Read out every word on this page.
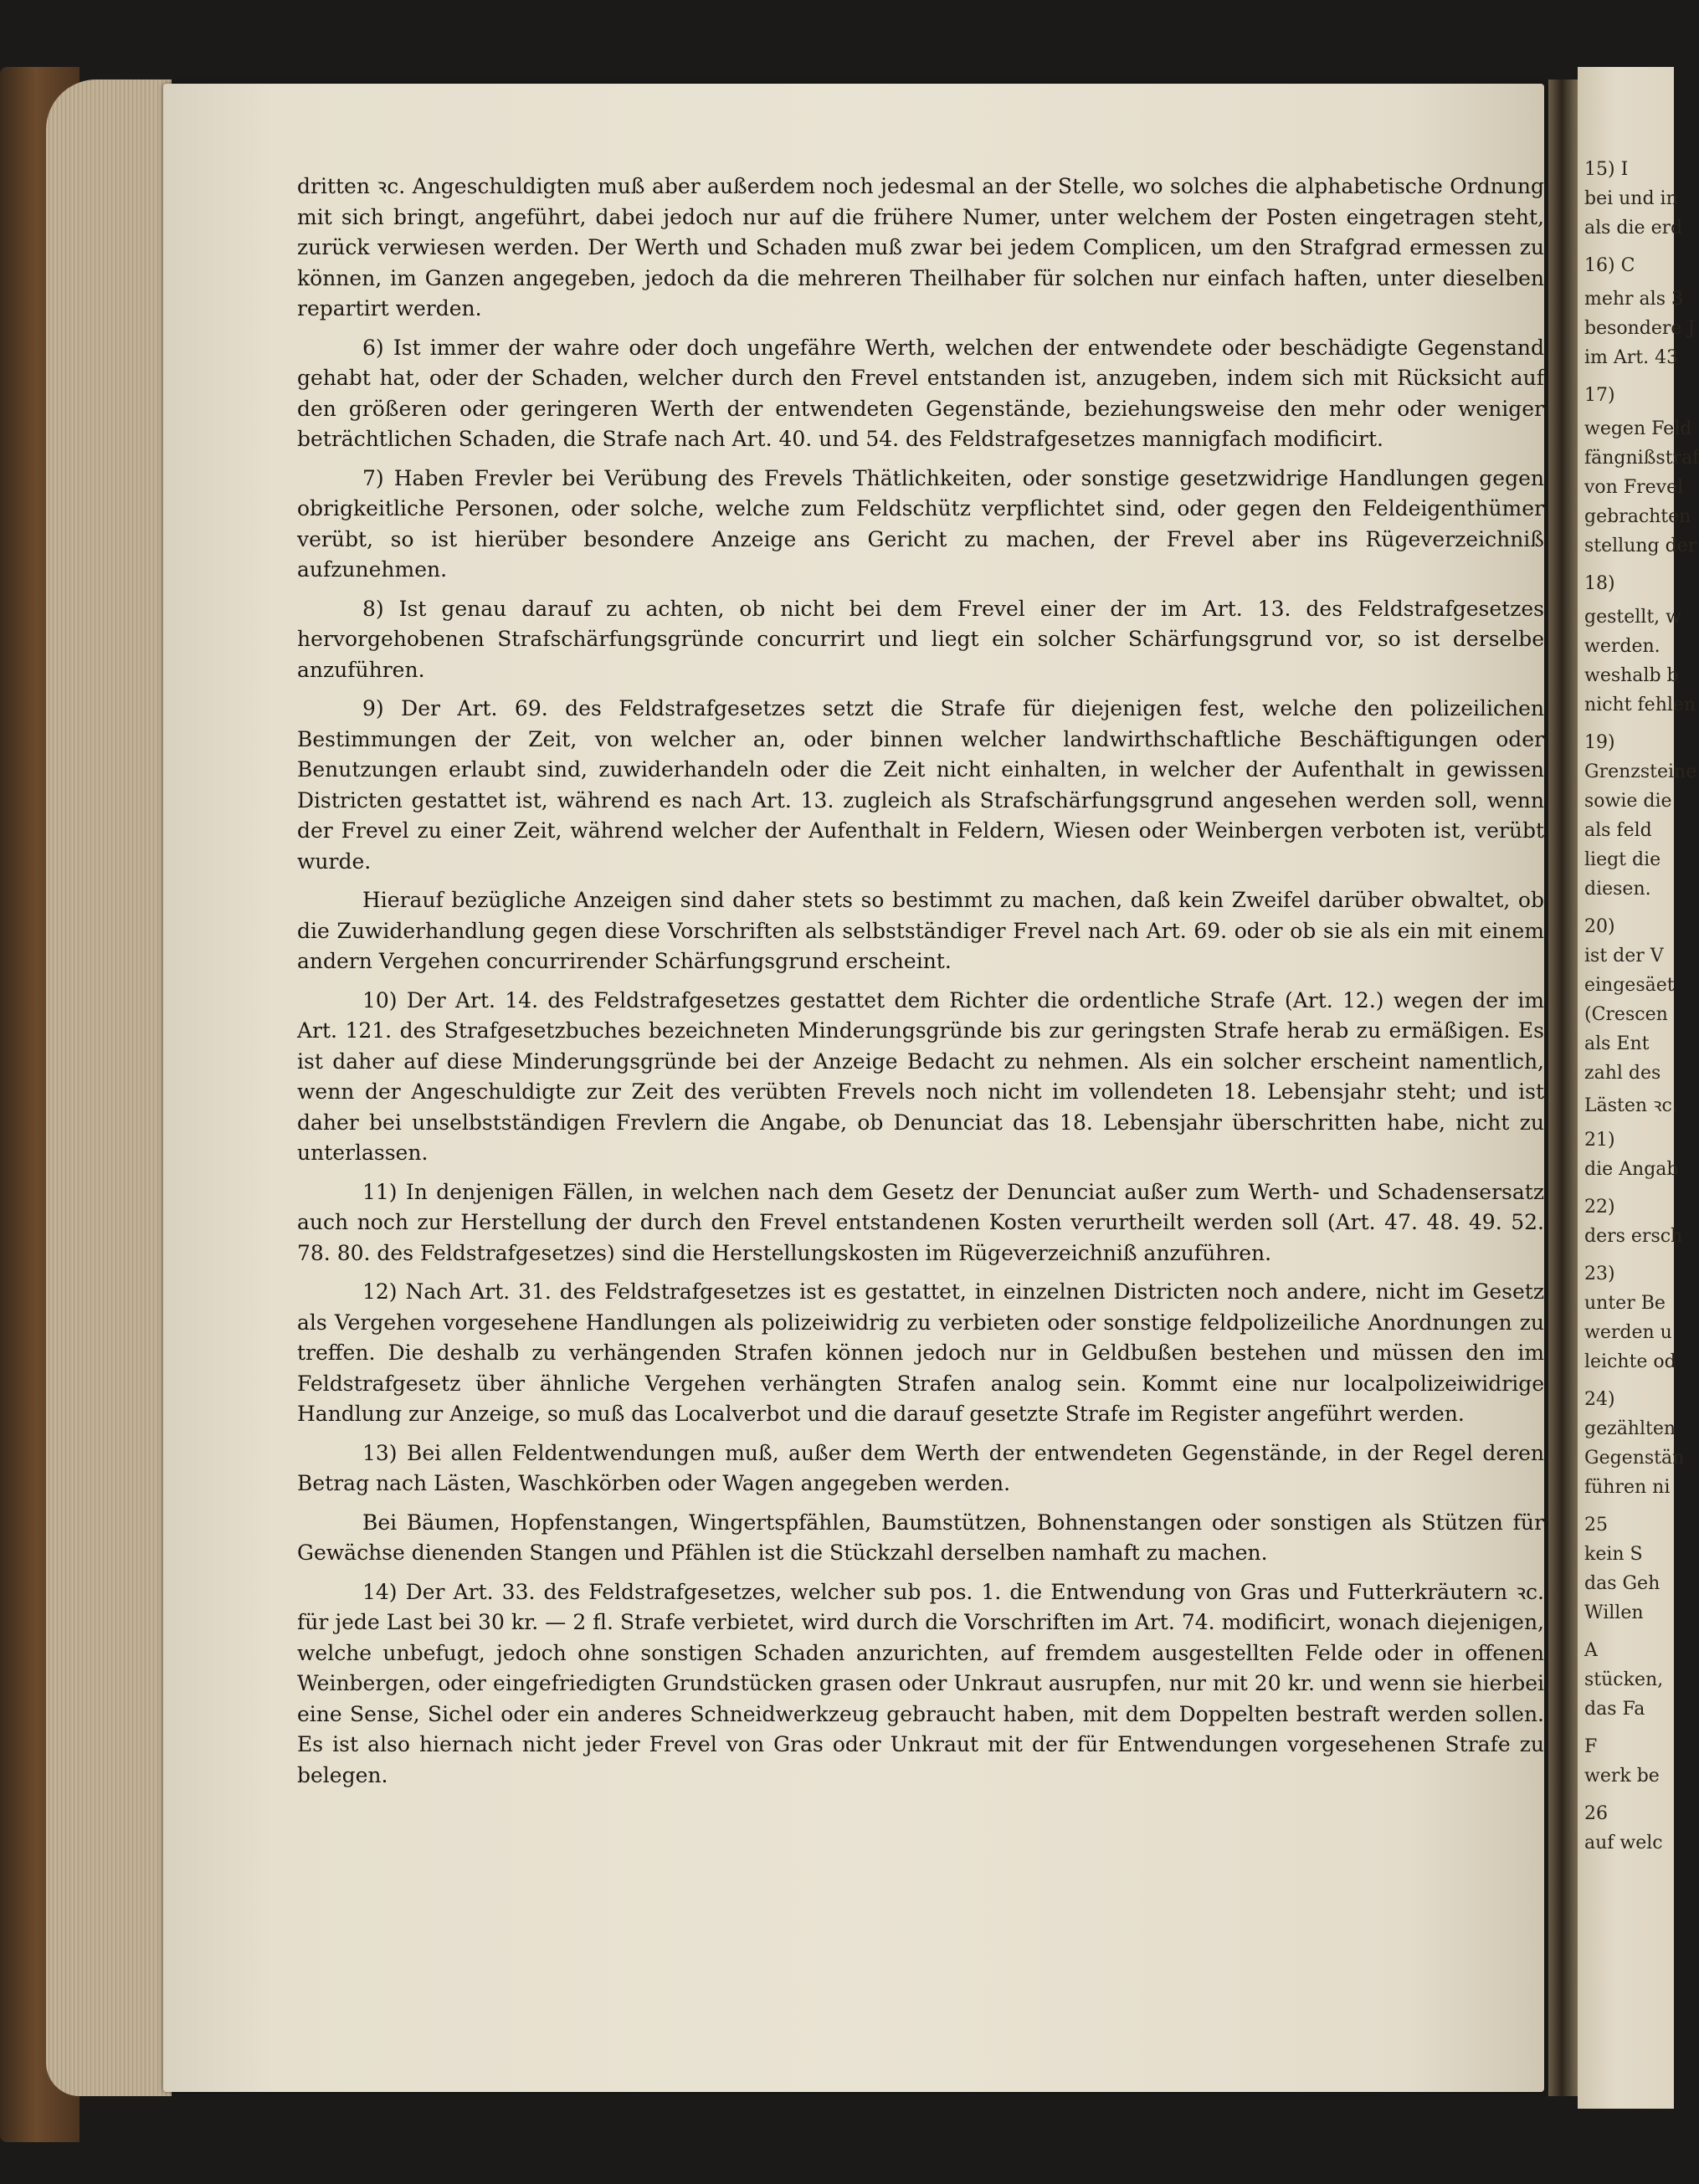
dritten ꝛc. Angeschuldigten muß aber außerdem noch jedesmal an der Stelle, wo solches die alphabetische Ordnung mit sich bringt, angeführt, dabei jedoch nur auf die frühere Numer, unter welchem der Posten eingetragen steht, zurück verwiesen werden. Der Werth und Schaden muß zwar bei jedem Complicen, um den Strafgrad ermessen zu können, im Ganzen angegeben, jedoch da die mehreren Theilhaber für solchen nur einfach haften, unter dieselben repartirt werden.

6) Ist immer der wahre oder doch ungefähre Werth, welchen der entwendete oder beschädigte Gegenstand gehabt hat, oder der Schaden, welcher durch den Frevel entstanden ist, anzugeben, indem sich mit Rücksicht auf den größeren oder geringeren Werth der entwendeten Gegenstände, beziehungsweise den mehr oder weniger beträchtlichen Schaden, die Strafe nach Art. 40. und 54. des Feldstrafgesetzes mannigfach modificirt.

7) Haben Frevler bei Verübung des Frevels Thätlichkeiten, oder sonstige gesetzwidrige Handlungen gegen obrigkeitliche Personen, oder solche, welche zum Feldschütz verpflichtet sind, oder gegen den Feldeigenthümer verübt, so ist hierüber besondere Anzeige ans Gericht zu machen, der Frevel aber ins Rügeverzeichniß aufzunehmen.

8) Ist genau darauf zu achten, ob nicht bei dem Frevel einer der im Art. 13. des Feldstrafgesetzes hervorgehobenen Strafschärfungsgründe concurrirt und liegt ein solcher Schärfungsgrund vor, so ist derselbe anzuführen.

9) Der Art. 69. des Feldstrafgesetzes setzt die Strafe für diejenigen fest, welche den polizeilichen Bestimmungen der Zeit, von welcher an, oder binnen welcher landwirthschaftliche Beschäftigungen oder Benutzungen erlaubt sind, zuwiderhandeln oder die Zeit nicht einhalten, in welcher der Aufenthalt in gewissen Districten gestattet ist, während es nach Art. 13. zugleich als Strafschärfungsgrund angesehen werden soll, wenn der Frevel zu einer Zeit, während welcher der Aufenthalt in Feldern, Wiesen oder Weinbergen verboten ist, verübt wurde.

Hierauf bezügliche Anzeigen sind daher stets so bestimmt zu machen, daß kein Zweifel darüber obwaltet, ob die Zuwiderhandlung gegen diese Vorschriften als selbstständiger Frevel nach Art. 69. oder ob sie als ein mit einem andern Vergehen concurrirender Schärfungsgrund erscheint.

10) Der Art. 14. des Feldstrafgesetzes gestattet dem Richter die ordentliche Strafe (Art. 12.) wegen der im Art. 121. des Strafgesetzbuches bezeichneten Minderungsgründe bis zur geringsten Strafe herab zu ermäßigen. Es ist daher auf diese Minderungsgründe bei der Anzeige Bedacht zu nehmen. Als ein solcher erscheint namentlich, wenn der Angeschuldigte zur Zeit des verübten Frevels noch nicht im vollendeten 18. Lebensjahr steht; und ist daher bei unselbstständigen Frevlern die Angabe, ob Denunciat das 18. Lebensjahr überschritten habe, nicht zu unterlassen.

11) In denjenigen Fällen, in welchen nach dem Gesetz der Denunciat außer zum Werth- und Schadensersatz auch noch zur Herstellung der durch den Frevel entstandenen Kosten verurtheilt werden soll (Art. 47. 48. 49. 52. 78. 80. des Feldstrafgesetzes) sind die Herstellungskosten im Rügeverzeichniß anzuführen.

12) Nach Art. 31. des Feldstrafgesetzes ist es gestattet, in einzelnen Districten noch andere, nicht im Gesetz als Vergehen vorgesehene Handlungen als polizeiwidrig zu verbieten oder sonstige feldpolizeiliche Anordnungen zu treffen. Die deshalb zu verhängenden Strafen können jedoch nur in Geldbußen bestehen und müssen den im Feldstrafgesetz über ähnliche Vergehen verhängten Strafen analog sein. Kommt eine nur localpolizeiwidrige Handlung zur Anzeige, so muß das Localverbot und die darauf gesetzte Strafe im Register angeführt werden.

13) Bei allen Feldentwendungen muß, außer dem Werth der entwendeten Gegenstände, in der Regel deren Betrag nach Lästen, Waschkörben oder Wagen angegeben werden.

Bei Bäumen, Hopfenstangen, Wingertspfählen, Baumstützen, Bohnenstangen oder sonstigen als Stützen für Gewächse dienenden Stangen und Pfählen ist die Stückzahl derselben namhaft zu machen.

14) Der Art. 33. des Feldstrafgesetzes, welcher sub pos. 1. die Entwendung von Gras und Futterkräutern ꝛc. für jede Last bei 30 kr. — 2 fl. Strafe verbietet, wird durch die Vorschriften im Art. 74. modificirt, wonach diejenigen, welche unbefugt, jedoch ohne sonstigen Schaden anzurichten, auf fremdem ausgestellten Felde oder in offenen Weinbergen, oder eingefriedigten Grundstücken grasen oder Unkraut ausrupfen, nur mit 20 kr. und wenn sie hierbei eine Sense, Sichel oder ein anderes Schneidwerkzeug gebraucht haben, mit dem Doppelten bestraft werden sollen. Es ist also hiernach nicht jeder Frevel von Gras oder Unkraut mit der für Entwendungen vorgesehenen Strafe zu belegen.

15) I
bei und in
als die erd
16) C
mehr als 3
besondere J
im Art. 43
17)
wegen Feld
fängnißstraf
von Frevel
gebrachten
stellung der
18)
gestellt, w
werden.
weshalb b
nicht fehlen
19)
Grenzsteine
sowie die
als feld
liegt die
diesen.
20)
ist der V
eingesäet
(Crescen
als Ent
zahl des
Lästen ꝛc.
21)
die Angab
22)
ders ersch
23)
unter Be
werden u
leichte od
24)
gezählten
Gegenstän
führen ni
25
kein S
das Geh
Willen
A
stücken,
das Fa
F
werk be
26
auf welc
